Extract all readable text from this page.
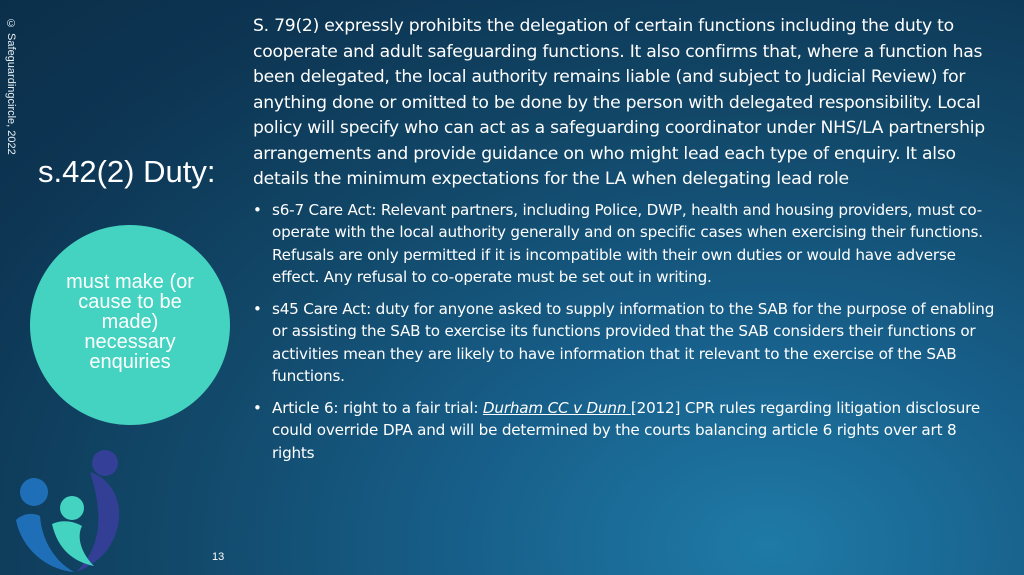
© Safeguardingcircle, 2022
s.42(2) Duty:
must make (or cause to be made) necessary enquiries
13

S. 79(2) expressly prohibits the delegation of certain functions including the duty to cooperate and adult safeguarding functions. It also confirms that, where a function has been delegated, the local authority remains liable (and subject to Judicial Review) for anything done or omitted to be done by the person with delegated responsibility. Local policy will specify who can act as a safeguarding coordinator under NHS/LA partnership arrangements and provide guidance on who might lead each type of enquiry. It also details the minimum expectations for the LA when delegating lead role

• s6-7 Care Act: Relevant partners, including Police, DWP, health and housing providers, must co-operate with the local authority generally and on specific cases when exercising their functions. Refusals are only permitted if it is incompatible with their own duties or would have adverse effect. Any refusal to co-operate must be set out in writing.
• s45 Care Act: duty for anyone asked to supply information to the SAB for the purpose of enabling or assisting the SAB to exercise its functions provided that the SAB considers their functions or activities mean they are likely to have information that it relevant to the exercise of the SAB functions.
• Article 6: right to a fair trial: Durham CC v Dunn [2012] CPR rules regarding litigation disclosure could override DPA and will be determined by the courts balancing article 6 rights over art 8 rights
